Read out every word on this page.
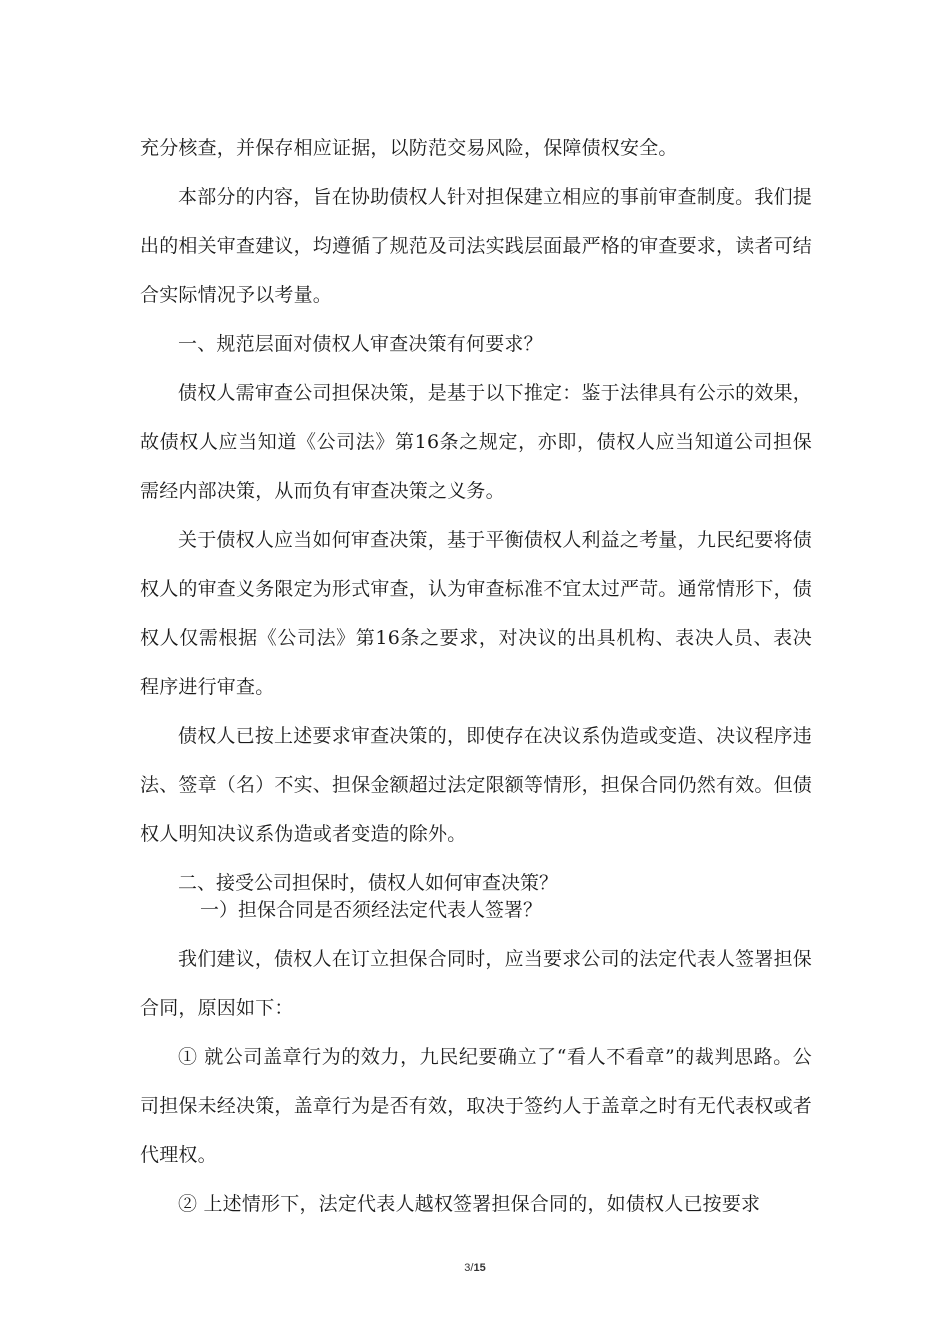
充分核查，并保存相应证据，以防范交易风险，保障债权安全。

本部分的内容，旨在协助债权人针对担保建立相应的事前审查制度。我们提出的相关审查建议，均遵循了规范及司法实践层面最严格的审查要求，读者可结合实际情况予以考量。

一、规范层面对债权人审查决策有何要求？

债权人需审查公司担保决策，是基于以下推定：鉴于法律具有公示的效果，故债权人应当知道《公司法》第16条之规定，亦即，债权人应当知道公司担保需经内部决策，从而负有审查决策之义务。

关于债权人应当如何审查决策，基于平衡债权人利益之考量，九民纪要将债权人的审查义务限定为形式审查，认为审查标准不宜太过严苛。通常情形下，债权人仅需根据《公司法》第16条之要求，对决议的出具机构、表决人员、表决程序进行审查。

债权人已按上述要求审查决策的，即使存在决议系伪造或变造、决议程序违法、签章（名）不实、担保金额超过法定限额等情形，担保合同仍然有效。但债权人明知决议系伪造或者变造的除外。

二、接受公司担保时，债权人如何审查决策？

一）担保合同是否须经法定代表人签署？

我们建议，债权人在订立担保合同时，应当要求公司的法定代表人签署担保合同，原因如下：

① 就公司盖章行为的效力，九民纪要确立了“看人不看章”的裁判思路。公司担保未经决策，盖章行为是否有效，取决于签约人于盖章之时有无代表权或者代理权。

② 上述情形下，法定代表人越权签署担保合同的，如债权人已按要求

3/15
